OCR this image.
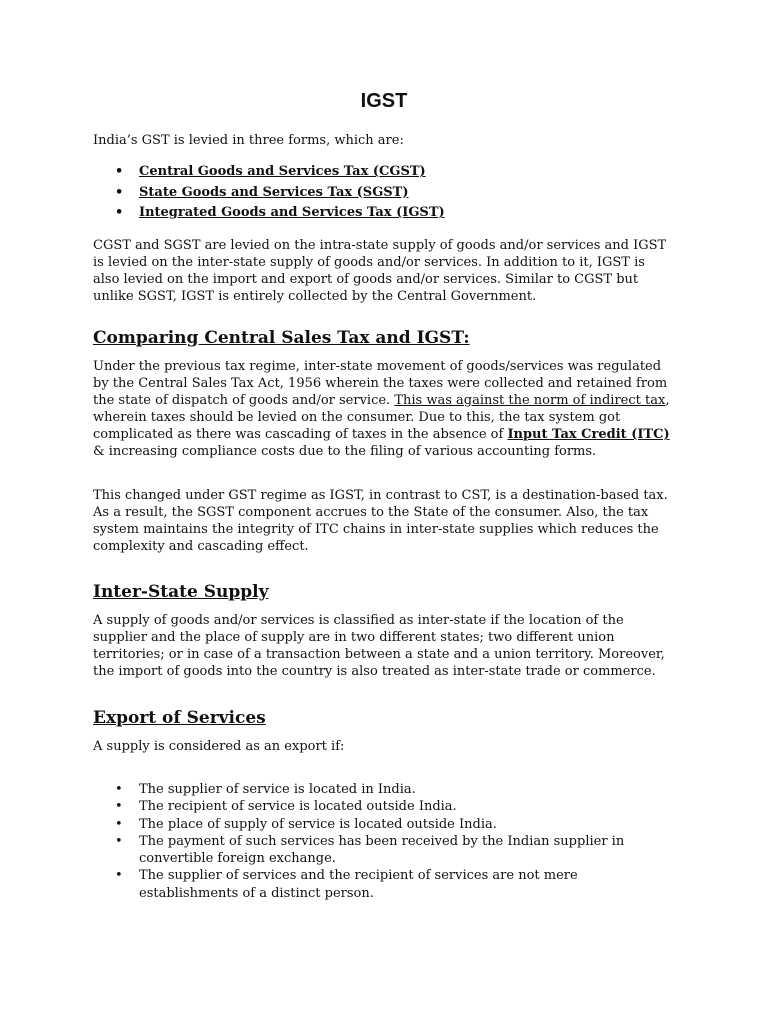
IGST

India’s GST is levied in three forms, which are:

• Central Goods and Services Tax (CGST)
• State Goods and Services Tax (SGST)
• Integrated Goods and Services Tax (IGST)

CGST and SGST are levied on the intra-state supply of goods and/or services and IGST is levied on the inter-state supply of goods and/or services. In addition to it, IGST is also levied on the import and export of goods and/or services. Similar to CGST but unlike SGST, IGST is entirely collected by the Central Government.

Comparing Central Sales Tax and IGST:

Under the previous tax regime, inter-state movement of goods/services was regulated by the Central Sales Tax Act, 1956 wherein the taxes were collected and retained from the state of dispatch of goods and/or service. This was against the norm of indirect tax, wherein taxes should be levied on the consumer. Due to this, the tax system got complicated as there was cascading of taxes in the absence of Input Tax Credit (ITC) & increasing compliance costs due to the filing of various accounting forms.

This changed under GST regime as IGST, in contrast to CST, is a destination-based tax. As a result, the SGST component accrues to the State of the consumer. Also, the tax system maintains the integrity of ITC chains in inter-state supplies which reduces the complexity and cascading effect.

Inter-State Supply

A supply of goods and/or services is classified as inter-state if the location of the supplier and the place of supply are in two different states; two different union territories; or in case of a transaction between a state and a union territory. Moreover, the import of goods into the country is also treated as inter-state trade or commerce.

Export of Services

A supply is considered as an export if:

• The supplier of service is located in India.
• The recipient of service is located outside India.
• The place of supply of service is located outside India.
• The payment of such services has been received by the Indian supplier in convertible foreign exchange.
• The supplier of services and the recipient of services are not mere establishments of a distinct person.
